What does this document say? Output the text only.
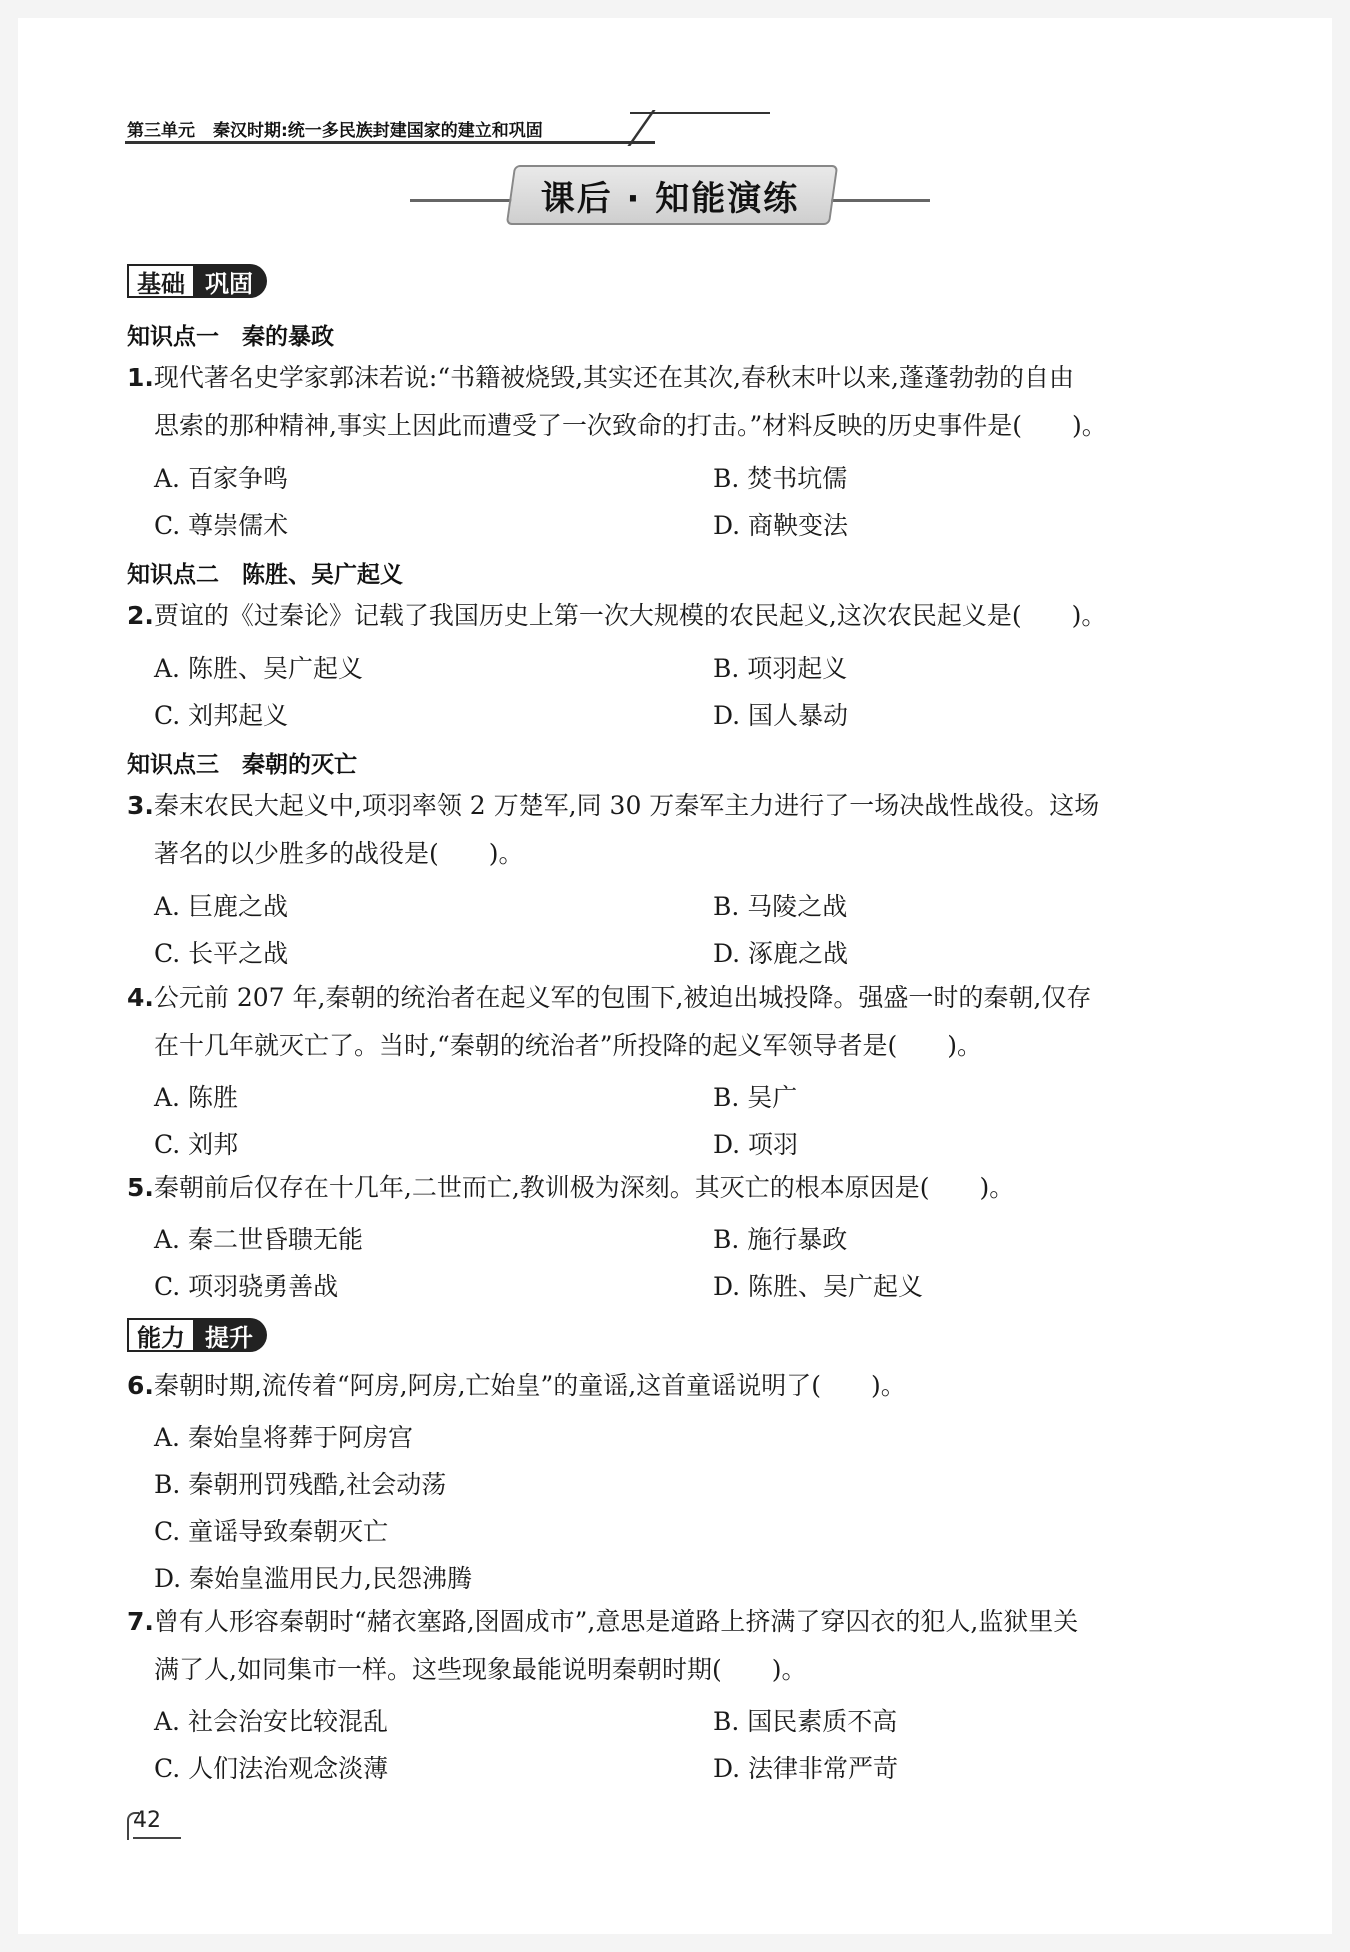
第三单元 秦汉时期:统一多民族封建国家的建立和巩固
课后 · 知能演练
基础 巩固
知识点一　秦的暴政
1.现代著名史学家郭沫若说:“书籍被烧毁,其实还在其次,春秋末叶以来,蓬蓬勃勃的自由
思索的那种精神,事实上因此而遭受了一次致命的打击。”材料反映的历史事件是(　　)。
A. 百家争鸣	B. 焚书坑儒
C. 尊崇儒术	D. 商鞅变法
知识点二　陈胜、吴广起义
2.贾谊的《过秦论》记载了我国历史上第一次大规模的农民起义,这次农民起义是(　　)。
A. 陈胜、吴广起义	B. 项羽起义
C. 刘邦起义	D. 国人暴动
知识点三　秦朝的灭亡
3.秦末农民大起义中,项羽率领 2 万楚军,同 30 万秦军主力进行了一场决战性战役。这场
著名的以少胜多的战役是(　　)。
A. 巨鹿之战	B. 马陵之战
C. 长平之战	D. 涿鹿之战
4.公元前 207 年,秦朝的统治者在起义军的包围下,被迫出城投降。强盛一时的秦朝,仅存
在十几年就灭亡了。当时,“秦朝的统治者”所投降的起义军领导者是(　　)。
A. 陈胜	B. 吴广
C. 刘邦	D. 项羽
5.秦朝前后仅存在十几年,二世而亡,教训极为深刻。其灭亡的根本原因是(　　)。
A. 秦二世昏聩无能	B. 施行暴政
C. 项羽骁勇善战	D. 陈胜、吴广起义
能力 提升
6.秦朝时期,流传着“阿房,阿房,亡始皇”的童谣,这首童谣说明了(　　)。
A. 秦始皇将葬于阿房宫
B. 秦朝刑罚残酷,社会动荡
C. 童谣导致秦朝灭亡
D. 秦始皇滥用民力,民怨沸腾
7.曾有人形容秦朝时“赭衣塞路,囹圄成市”,意思是道路上挤满了穿囚衣的犯人,监狱里关
满了人,如同集市一样。这些现象最能说明秦朝时期(　　)。
A. 社会治安比较混乱	B. 国民素质不高
C. 人们法治观念淡薄	D. 法律非常严苛
42
